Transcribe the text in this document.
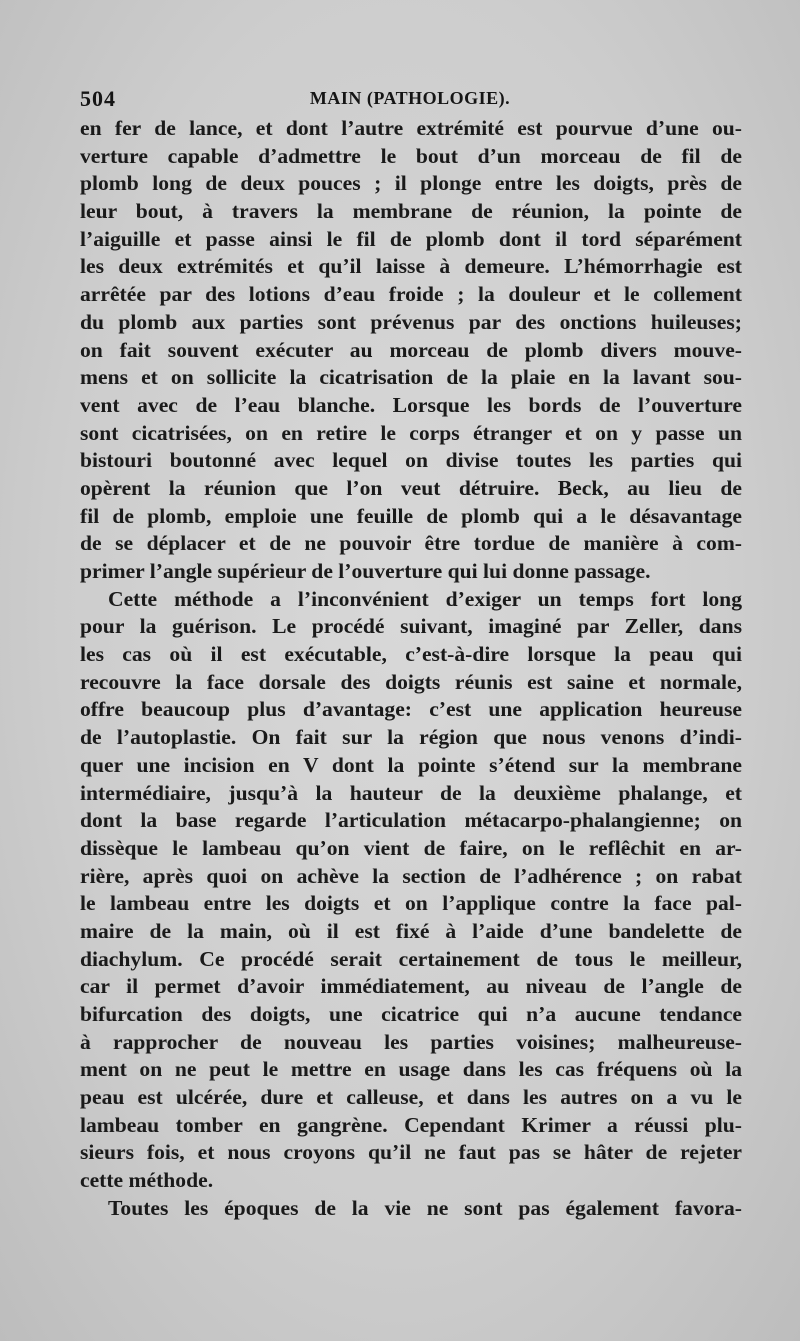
504	MAIN (PATHOLOGIE).
en fer de lance, et dont l’autre extrémité est pourvue d’une ou-
verture capable d’admettre le bout d’un morceau de fil de
plomb long de deux pouces ; il plonge entre les doigts, près de
leur bout, à travers la membrane de réunion, la pointe de
l’aiguille et passe ainsi le fil de plomb dont il tord séparément
les deux extrémités et qu’il laisse à demeure. L’hémorrhagie est
arrêtée par des lotions d’eau froide ; la douleur et le collement
du plomb aux parties sont prévenus par des onctions huileuses;
on fait souvent exécuter au morceau de plomb divers mouve-
mens et on sollicite la cicatrisation de la plaie en la lavant sou-
vent avec de l’eau blanche. Lorsque les bords de l’ouverture
sont cicatrisées, on en retire le corps étranger et on y passe un
bistouri boutonné avec lequel on divise toutes les parties qui
opèrent la réunion que l’on veut détruire. Beck, au lieu de
fil de plomb, emploie une feuille de plomb qui a le désavantage
de se déplacer et de ne pouvoir être tordue de manière à com-
primer l’angle supérieur de l’ouverture qui lui donne passage.
Cette méthode a l’inconvénient d’exiger un temps fort long
pour la guérison. Le procédé suivant, imaginé par Zeller, dans
les cas où il est exécutable, c’est-à-dire lorsque la peau qui
recouvre la face dorsale des doigts réunis est saine et normale,
offre beaucoup plus d’avantage: c’est une application heureuse
de l’autoplastie. On fait sur la région que nous venons d’indi-
quer une incision en V dont la pointe s’étend sur la membrane
intermédiaire, jusqu’à la hauteur de la deuxième phalange, et
dont la base regarde l’articulation métacarpo-phalangienne; on
dissèque le lambeau qu’on vient de faire, on le reflêchit en ar-
rière, après quoi on achève la section de l’adhérence ; on rabat
le lambeau entre les doigts et on l’applique contre la face pal-
maire de la main, où il est fixé à l’aide d’une bandelette de
diachylum. Ce procédé serait certainement de tous le meilleur,
car il permet d’avoir immédiatement, au niveau de l’angle de
bifurcation des doigts, une cicatrice qui n’a aucune tendance
à rapprocher de nouveau les parties voisines; malheureuse-
ment on ne peut le mettre en usage dans les cas fréquens où la
peau est ulcérée, dure et calleuse, et dans les autres on a vu le
lambeau tomber en gangrène. Cependant Krimer a réussi plu-
sieurs fois, et nous croyons qu’il ne faut pas se hâter de rejeter
cette méthode.
Toutes les époques de la vie ne sont pas également favora-
